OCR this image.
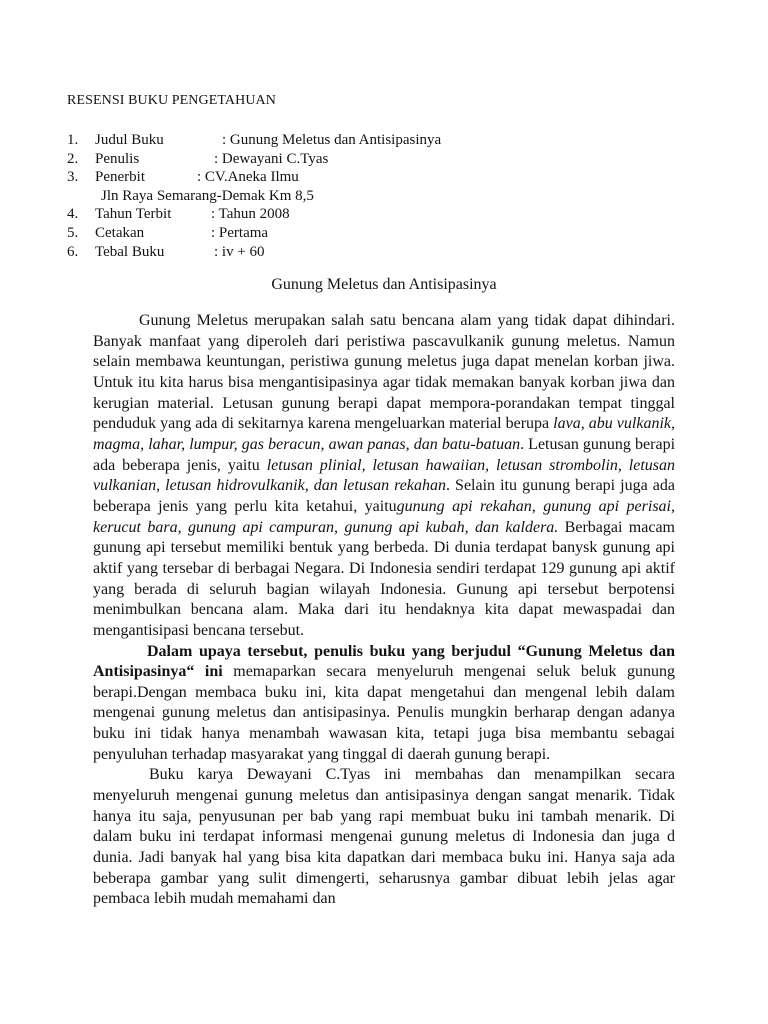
RESENSI BUKU PENGETAHUAN
1. Judul Buku	: Gunung Meletus dan Antisipasinya
2. Penulis	: Dewayani C.Tyas
3. Penerbit	: CV.Aneka Ilmu
Jln Raya Semarang-Demak Km 8,5
4. Tahun Terbit	: Tahun 2008
5. Cetakan	: Pertama
6. Tebal Buku	: iv + 60
Gunung Meletus dan Antisipasinya

Gunung Meletus merupakan salah satu bencana alam yang tidak dapat dihindari. Banyak manfaat yang diperoleh dari peristiwa pascavulkanik gunung meletus. Namun selain membawa keuntungan, peristiwa gunung meletus juga dapat menelan korban jiwa. Untuk itu kita harus bisa mengantisipasinya agar tidak memakan banyak korban jiwa dan kerugian material. Letusan gunung berapi dapat mempora-porandakan tempat tinggal penduduk yang ada di sekitarnya karena mengeluarkan material berupa lava, abu vulkanik, magma, lahar, lumpur, gas beracun, awan panas, dan batu-batuan. Letusan gunung berapi ada beberapa jenis, yaitu letusan plinial, letusan hawaiian, letusan strombolin, letusan vulkanian, letusan hidrovulkanik, dan letusan rekahan. Selain itu gunung berapi juga ada beberapa jenis yang perlu kita ketahui, yaitugunung api rekahan, gunung api perisai, kerucut bara, gunung api campuran, gunung api kubah, dan kaldera. Berbagai macam gunung api tersebut memiliki bentuk yang berbeda. Di dunia terdapat banysk gunung api aktif yang tersebar di berbagai Negara. Di Indonesia sendiri terdapat 129 gunung api aktif yang berada di seluruh bagian wilayah Indonesia. Gunung api tersebut berpotensi menimbulkan bencana alam. Maka dari itu hendaknya kita dapat mewaspadai dan mengantisipasi bencana tersebut.

Dalam upaya tersebut, penulis buku yang berjudul “Gunung Meletus dan Antisipasinya“ ini memaparkan secara menyeluruh mengenai seluk beluk gunung berapi.Dengan membaca buku ini, kita dapat mengetahui dan mengenal lebih dalam mengenai gunung meletus dan antisipasinya. Penulis mungkin berharap dengan adanya buku ini tidak hanya menambah wawasan kita, tetapi juga bisa membantu sebagai penyuluhan terhadap masyarakat yang tinggal di daerah gunung berapi.

Buku karya Dewayani C.Tyas ini membahas dan menampilkan secara menyeluruh mengenai gunung meletus dan antisipasinya dengan sangat menarik. Tidak hanya itu saja, penyusunan per bab yang rapi membuat buku ini tambah menarik. Di dalam buku ini terdapat informasi mengenai gunung meletus di Indonesia dan juga d dunia. Jadi banyak hal yang bisa kita dapatkan dari membaca buku ini. Hanya saja ada beberapa gambar yang sulit dimengerti, seharusnya gambar dibuat lebih jelas agar pembaca lebih mudah memahami dan
